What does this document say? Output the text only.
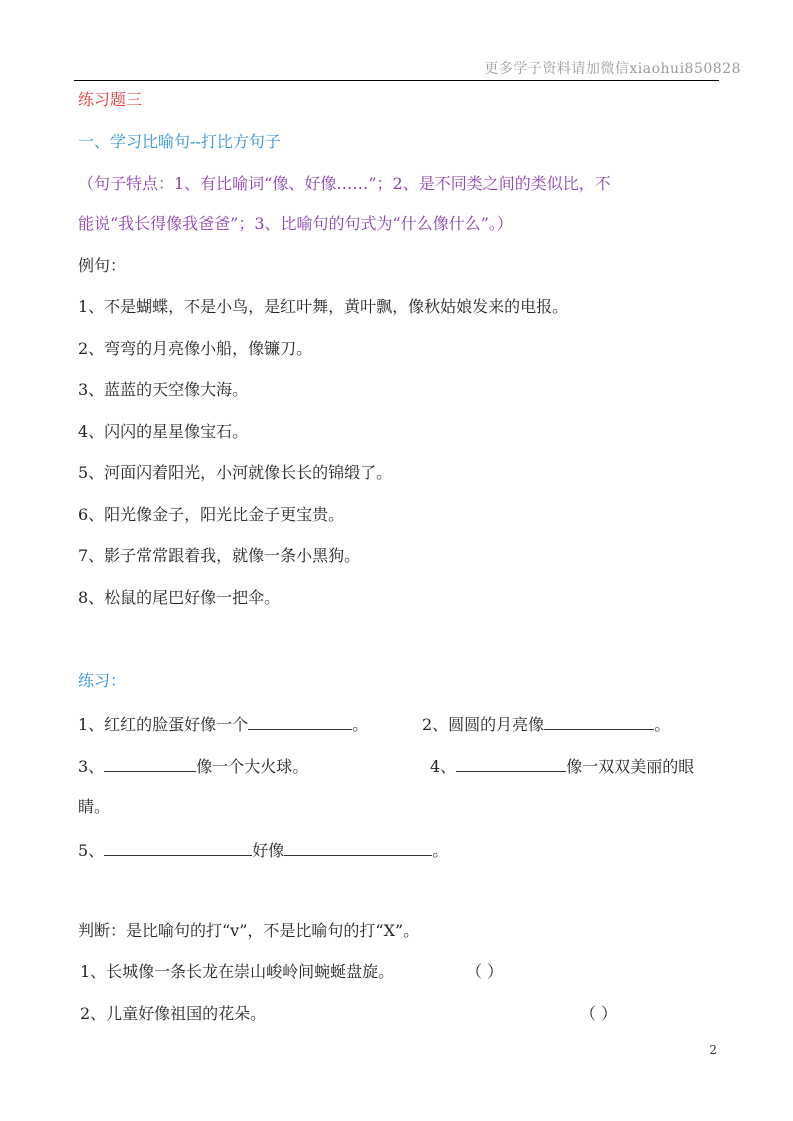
更多学子资料请加微信xiaohui850828
练习题三
一、学习比喻句--打比方句子
（句子特点：1、有比喻词“像、好像……”；2、是不同类之间的类似比，不
能说“我长得像我爸爸”；3、比喻句的句式为“什么像什么”。）
例句：
1、不是蝴蝶，不是小鸟，是红叶舞，黄叶飘，像秋姑娘发来的电报。
2、弯弯的月亮像小船，像镰刀。
3、蓝蓝的天空像大海。
4、闪闪的星星像宝石。
5、河面闪着阳光，小河就像长长的锦缎了。
6、阳光像金子，阳光比金子更宝贵。
7、影子常常跟着我，就像一条小黑狗。
8、松鼠的尾巴好像一把伞。
练习：
1、红红的脸蛋好像一个	。	2、圆圆的月亮像	。
3、	像一个大火球。	4、	像一双双美丽的眼
睛。
5、	好像	。
判断：是比喻句的打“v”，不是比喻句的打“X”。
1、长城像一条长龙在崇山峻岭间蜿蜒盘旋。	（ ）
2、儿童好像祖国的花朵。	（ ）
2
